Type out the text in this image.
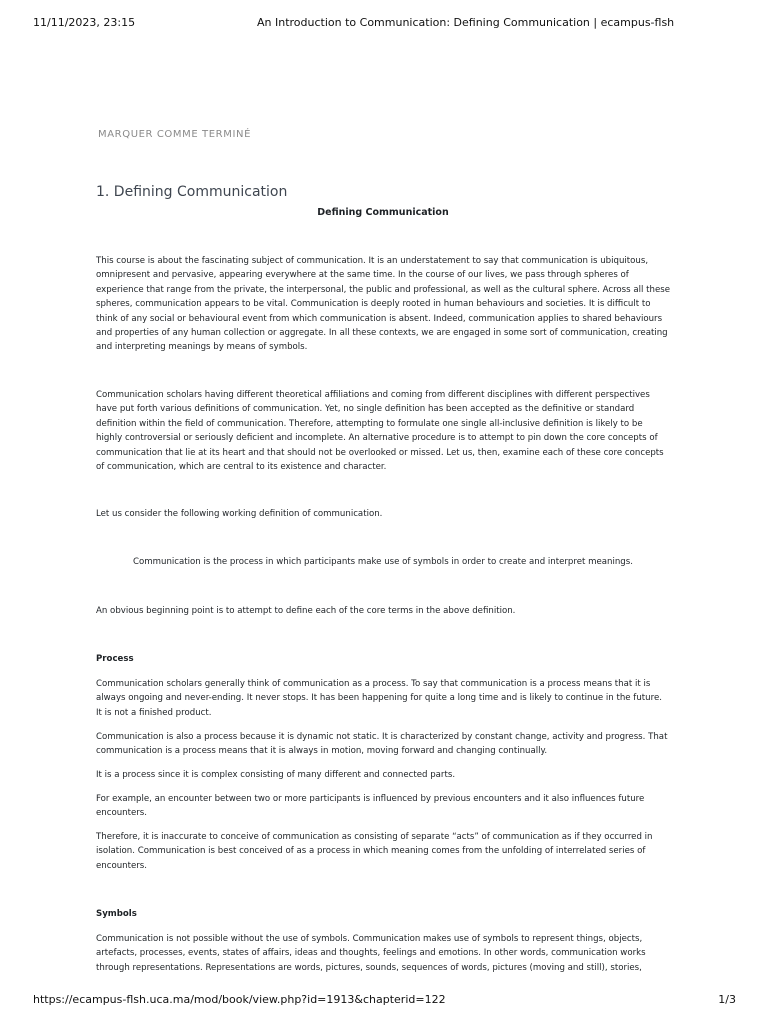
11/11/2023, 23:15	An Introduction to Communication: Defining Communication | ecampus-flsh
MARQUER COMME TERMINÉ
1. Defining Communication
Defining Communication

This course is about the fascinating subject of communication. It is an understatement to say that communication is ubiquitous, omnipresent and pervasive, appearing everywhere at the same time. In the course of our lives, we pass through spheres of experience that range from the private, the interpersonal, the public and professional, as well as the cultural sphere. Across all these spheres, communication appears to be vital. Communication is deeply rooted in human behaviours and societies. It is difficult to think of any social or behavioural event from which communication is absent. Indeed, communication applies to shared behaviours and properties of any human collection or aggregate. In all these contexts, we are engaged in some sort of communication, creating and interpreting meanings by means of symbols.

Communication scholars having different theoretical affiliations and coming from different disciplines with different perspectives have put forth various definitions of communication. Yet, no single definition has been accepted as the definitive or standard definition within the field of communication. Therefore, attempting to formulate one single all-inclusive definition is likely to be highly controversial or seriously deficient and incomplete. An alternative procedure is to attempt to pin down the core concepts of communication that lie at its heart and that should not be overlooked or missed. Let us, then, examine each of these core concepts of communication, which are central to its existence and character.

Let us consider the following working definition of communication.

Communication is the process in which participants make use of symbols in order to create and interpret meanings.

An obvious beginning point is to attempt to define each of the core terms in the above definition.

Process

Communication scholars generally think of communication as a process. To say that communication is a process means that it is always ongoing and never-ending. It never stops. It has been happening for quite a long time and is likely to continue in the future. It is not a finished product.

Communication is also a process because it is dynamic not static. It is characterized by constant change, activity and progress. That communication is a process means that it is always in motion, moving forward and changing continually.

It is a process since it is complex consisting of many different and connected parts.

For example, an encounter between two or more participants is influenced by previous encounters and it also influences future encounters.

Therefore, it is inaccurate to conceive of communication as consisting of separate “acts” of communication as if they occurred in isolation. Communication is best conceived of as a process in which meaning comes from the unfolding of interrelated series of encounters.

Symbols

Communication is not possible without the use of symbols. Communication makes use of symbols to represent things, objects, artefacts, processes, events, states of affairs, ideas and thoughts, feelings and emotions. In other words, communication works through representations. Representations are words, pictures, sounds, sequences of words, pictures (moving and still), stories,

https://ecampus-flsh.uca.ma/mod/book/view.php?id=1913&chapterid=122	1/3
